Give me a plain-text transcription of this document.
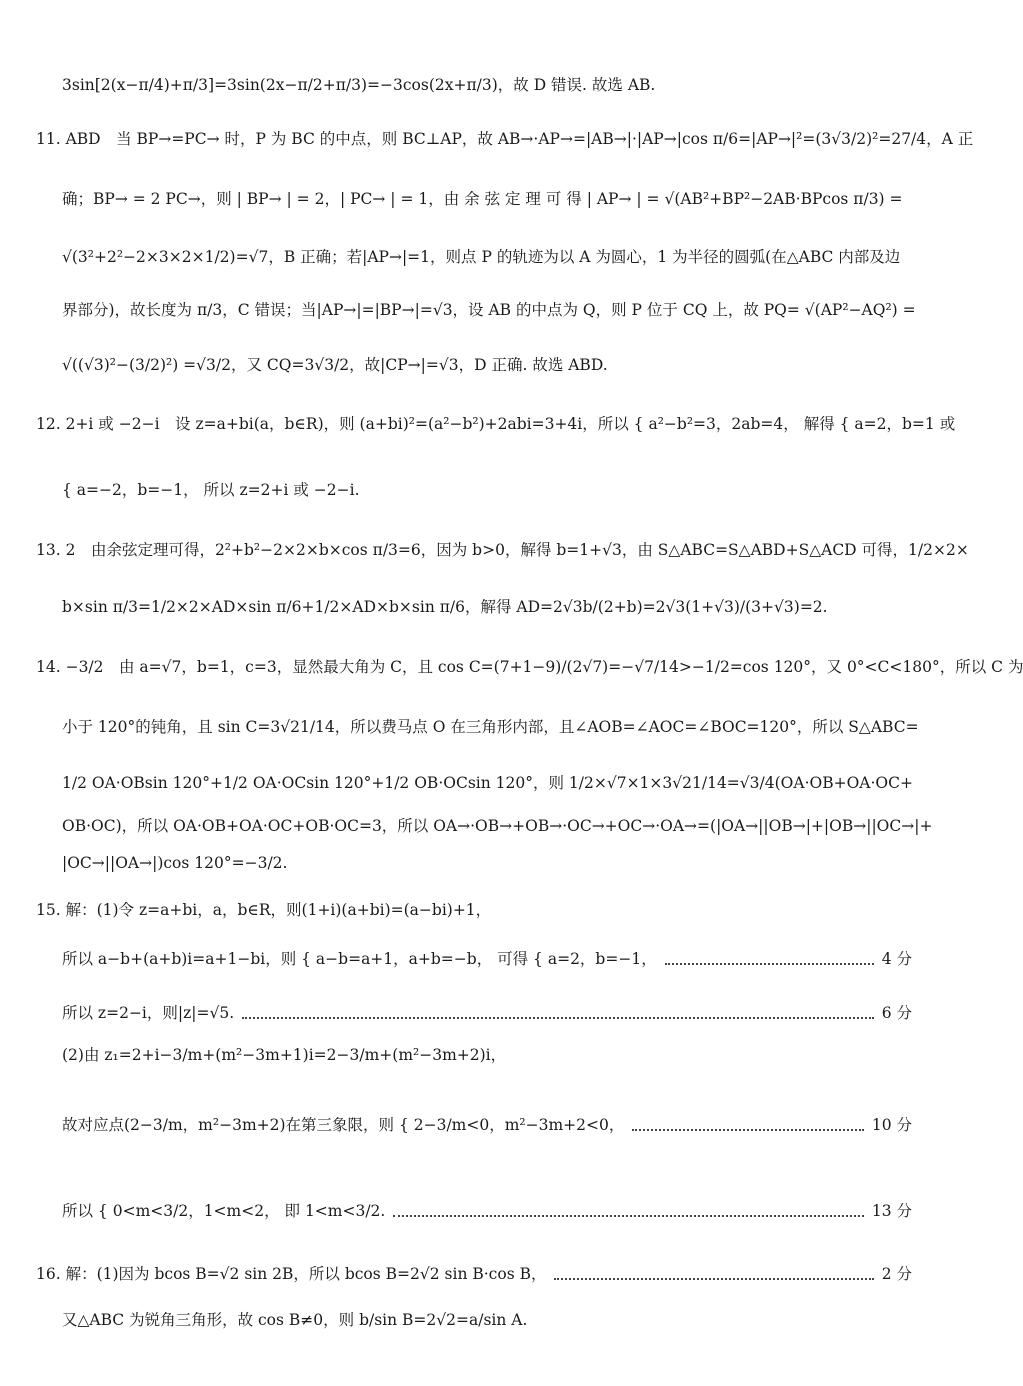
3sin[2(x−π/4)+π/3]=3sin(2x−π/2+π/3)=−3cos(2x+π/3)，故 D 错误. 故选 AB.
11. ABD　当 BP→=PC→ 时，P 为 BC 的中点，则 BC⊥AP，故 AB→·AP→=|AB→|·|AP→|cos π/6=|AP→|²=(3√3/2)²=27/4，A 正
确；BP→ = 2 PC→，则 | BP→ | = 2，| PC→ | = 1，由 余 弦 定 理 可 得 | AP→ | = √(AB²+BP²−2AB·BPcos π/3) =
√(3²+2²−2×3×2×1/2)=√7，B 正确；若|AP→|=1，则点 P 的轨迹为以 A 为圆心，1 为半径的圆弧(在△ABC 内部及边
界部分)，故长度为 π/3，C 错误；当|AP→|=|BP→|=√3，设 AB 的中点为 Q，则 P 位于 CQ 上，故 PQ= √(AP²−AQ²) =
√((√3)²−(3/2)²) =√3/2，又 CQ=3√3/2，故|CP→|=√3，D 正确. 故选 ABD.
12. 2+i 或 −2−i　设 z=a+bi(a，b∈R)，则 (a+bi)²=(a²−b²)+2abi=3+4i，所以 { a²−b²=3，2ab=4， 解得 { a=2，b=1 或
{ a=−2，b=−1， 所以 z=2+i 或 −2−i.
13. 2　由余弦定理可得，2²+b²−2×2×b×cos π/3=6，因为 b>0，解得 b=1+√3，由 S△ABC=S△ABD+S△ACD 可得，1/2×2×
b×sin π/3=1/2×2×AD×sin π/6+1/2×AD×b×sin π/6，解得 AD=2√3b/(2+b)=2√3(1+√3)/(3+√3)=2.
14. −3/2　由 a=√7，b=1，c=3，显然最大角为 C，且 cos C=(7+1−9)/(2√7)=−√7/14>−1/2=cos 120°，又 0°<C<180°，所以 C 为
小于 120°的钝角，且 sin C=3√21/14，所以费马点 O 在三角形内部，且∠AOB=∠AOC=∠BOC=120°，所以 S△ABC=
1/2 OA·OBsin 120°+1/2 OA·OCsin 120°+1/2 OB·OCsin 120°，则 1/2×√7×1×3√21/14=√3/4(OA·OB+OA·OC+
OB·OC)，所以 OA·OB+OA·OC+OB·OC=3，所以 OA→·OB→+OB→·OC→+OC→·OA→=(|OA→||OB→|+|OB→||OC→|+
|OC→||OA→|)cos 120°=−3/2.
15. 解：(1)令 z=a+bi，a，b∈R，则(1+i)(a+bi)=(a−bi)+1，
所以 a−b+(a+b)i=a+1−bi，则 { a−b=a+1，a+b=−b， 可得 { a=2，b=−1，	4 分
所以 z=2−i，则|z|=√5.	6 分
(2)由 z₁=2+i−3/m+(m²−3m+1)i=2−3/m+(m²−3m+2)i，
故对应点(2−3/m，m²−3m+2)在第三象限，则 { 2−3/m<0，m²−3m+2<0，	10 分
所以 { 0<m<3/2，1<m<2， 即 1<m<3/2.	13 分
16. 解：(1)因为 bcos B=√2 sin 2B，所以 bcos B=2√2 sin B·cos B，	2 分
又△ABC 为锐角三角形，故 cos B≠0，则 b/sin B=2√2=a/sin A.
